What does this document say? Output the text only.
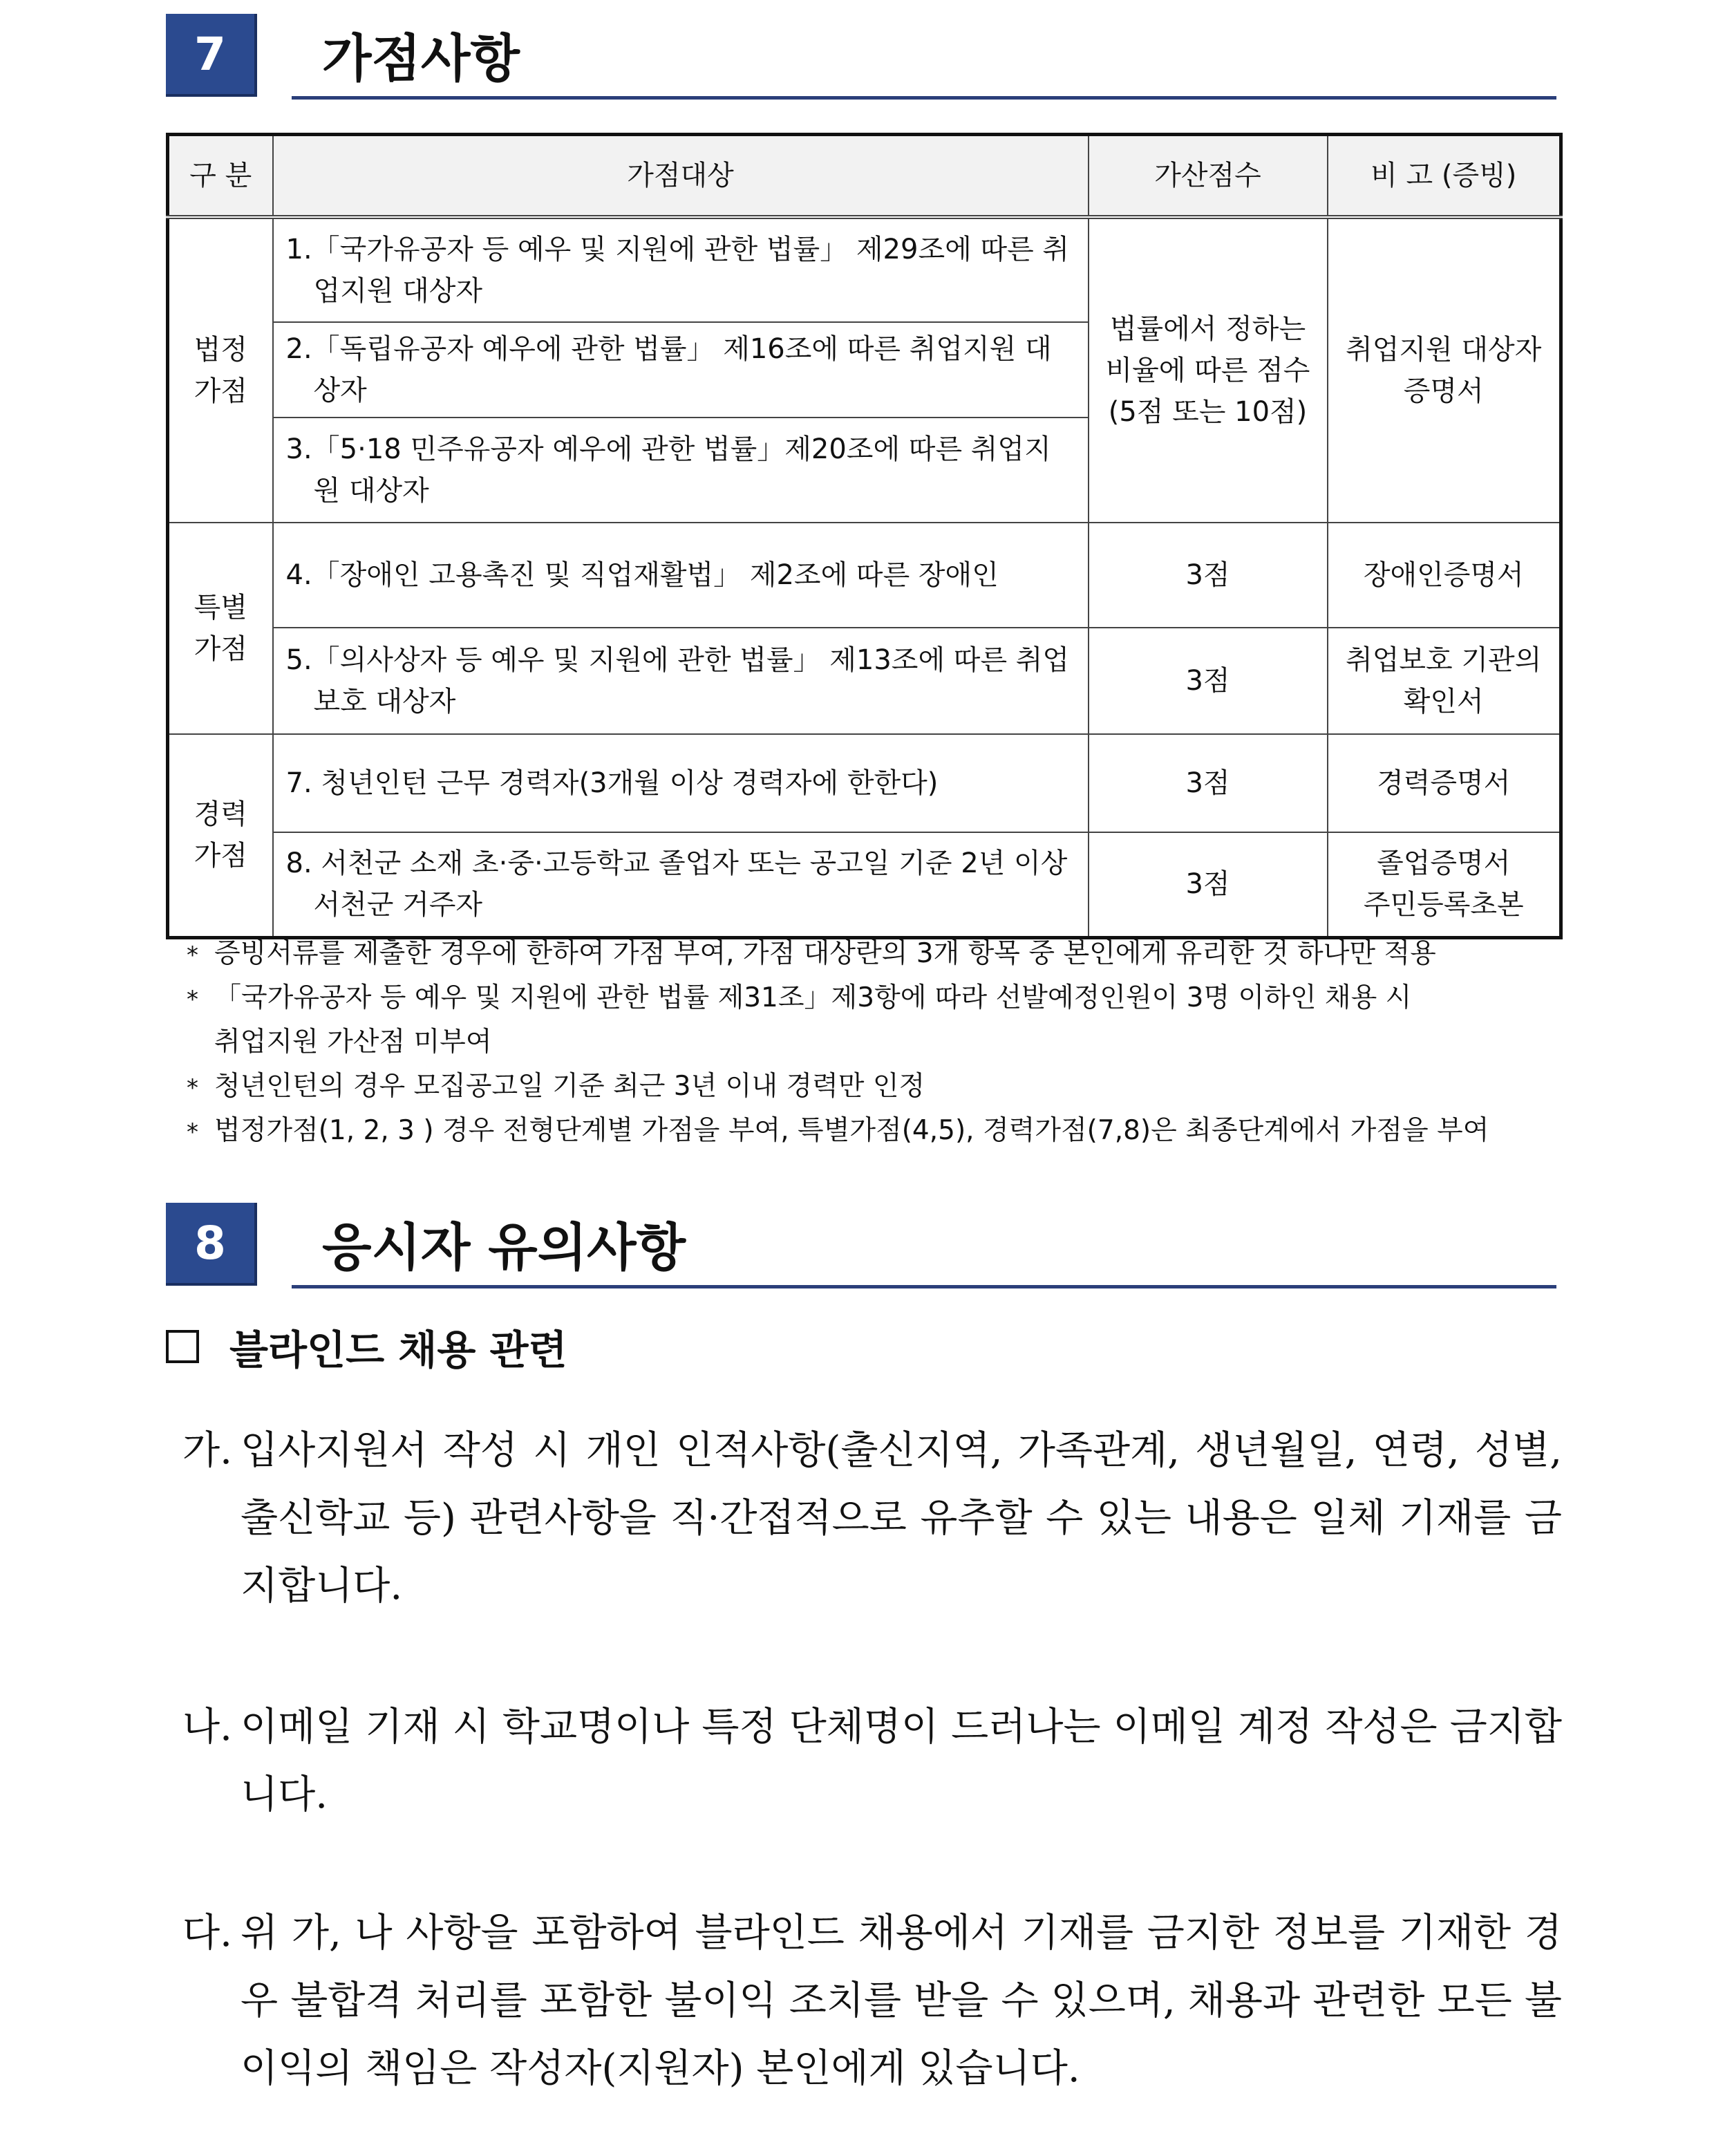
7	가점사항
구 분	가점대상	가산점수	비 고 (증빙)
법정
가점	1.「국가유공자 등 예우 및 지원에 관한 법률」 제29조에 따른 취업지원 대상자	법률에서 정하는
비율에 따른 점수
(5점 또는 10점)	취업지원 대상자
증명서

	2.「독립유공자 예우에 관한 법률」 제16조에 따른 취업지원 대상자		

	3.「5·18 민주유공자 예우에 관한 법률」제20조에 따른 취업지원 대상자		

특별
가점	4.「장애인 고용촉진 및 직업재활법」 제2조에 따른 장애인	3점	장애인증명서

	5.「의사상자 등 예우 및 지원에 관한 법률」 제13조에 따른 취업보호 대상자	3점	취업보호 기관의
확인서
경력
가점	7. 청년인턴 근무 경력자(3개월 이상 경력자에 한한다)	3점	경력증명서

	8. 서천군 소재 초·중·고등학교 졸업자 또는 공고일 기준 2년 이상 서천군 거주자	3점	졸업증명서
주민등록초본
* 증빙서류를 제출한 경우에 한하여 가점 부여, 가점 대상란의 3개 항목 중 본인에게 유리한 것 하나만 적용
* 「국가유공자 등 예우 및 지원에 관한 법률 제31조」제3항에 따라 선발예정인원이 3명 이하인 채용 시
취업지원 가산점 미부여
* 청년인턴의 경우 모집공고일 기준 최근 3년 이내 경력만 인정
* 법정가점(1, 2, 3 ) 경우 전형단계별 가점을 부여, 특별가점(4,5), 경력가점(7,8)은 최종단계에서 가점을 부여
8	응시자 유의사항
블라인드 채용 관련
가. 입사지원서 작성 시 개인 인적사항(출신지역, 가족관계, 생년월일, 연령, 성별, 출신학교 등) 관련사항을 직·간접적으로 유추할 수 있는 내용은 일체 기재를 금지합니다.
나. 이메일 기재 시 학교명이나 특정 단체명이 드러나는 이메일 계정 작성은 금지합니다.
다. 위 가, 나 사항을 포함하여 블라인드 채용에서 기재를 금지한 정보를 기재한 경우 불합격 처리를 포함한 불이익 조치를 받을 수 있으며, 채용과 관련한 모든 불이익의 책임은 작성자(지원자) 본인에게 있습니다.
